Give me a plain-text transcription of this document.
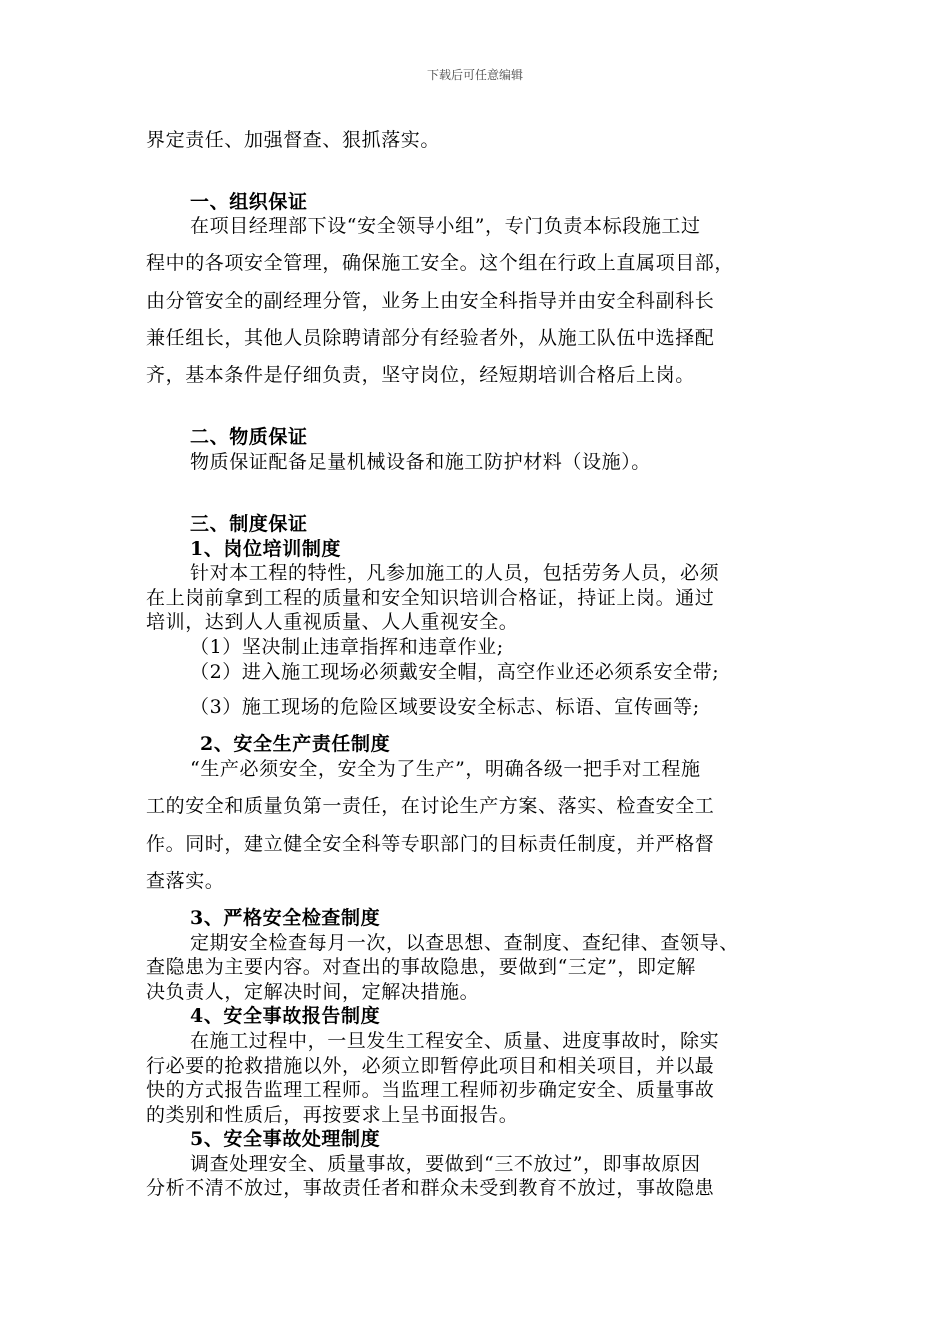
下载后可任意编辑
界定责任、加强督查、狠抓落实。
一、组织保证
在项目经理部下设“安全领导小组”，专门负责本标段施工过
程中的各项安全管理，确保施工安全。这个组在行政上直属项目部，
由分管安全的副经理分管，业务上由安全科指导并由安全科副科长
兼任组长，其他人员除聘请部分有经验者外，从施工队伍中选择配
齐，基本条件是仔细负责，坚守岗位，经短期培训合格后上岗。
二、物质保证
物质保证配备足量机械设备和施工防护材料（设施）。
三、制度保证
1、岗位培训制度
针对本工程的特性，凡参加施工的人员，包括劳务人员，必须
在上岗前拿到工程的质量和安全知识培训合格证，持证上岗。通过
培训，达到人人重视质量、人人重视安全。
（1）坚决制止违章指挥和违章作业;
（2）进入施工现场必须戴安全帽，高空作业还必须系安全带;
（3）施工现场的危险区域要设安全标志、标语、宣传画等;
2、安全生产责任制度
“生产必须安全，安全为了生产”，明确各级一把手对工程施
工的安全和质量负第一责任，在讨论生产方案、落实、检查安全工
作。同时，建立健全安全科等专职部门的目标责任制度，并严格督
查落实。
3、严格安全检查制度
定期安全检查每月一次，以查思想、查制度、查纪律、查领导、
查隐患为主要内容。对查出的事故隐患，要做到“三定”，即定解
决负责人，定解决时间，定解决措施。
4、安全事故报告制度
在施工过程中，一旦发生工程安全、质量、进度事故时，除实
行必要的抢救措施以外，必须立即暂停此项目和相关项目，并以最
快的方式报告监理工程师。当监理工程师初步确定安全、质量事故
的类别和性质后，再按要求上呈书面报告。
5、安全事故处理制度
调查处理安全、质量事故，要做到“三不放过”，即事故原因
分析不清不放过，事故责任者和群众未受到教育不放过，事故隐患
